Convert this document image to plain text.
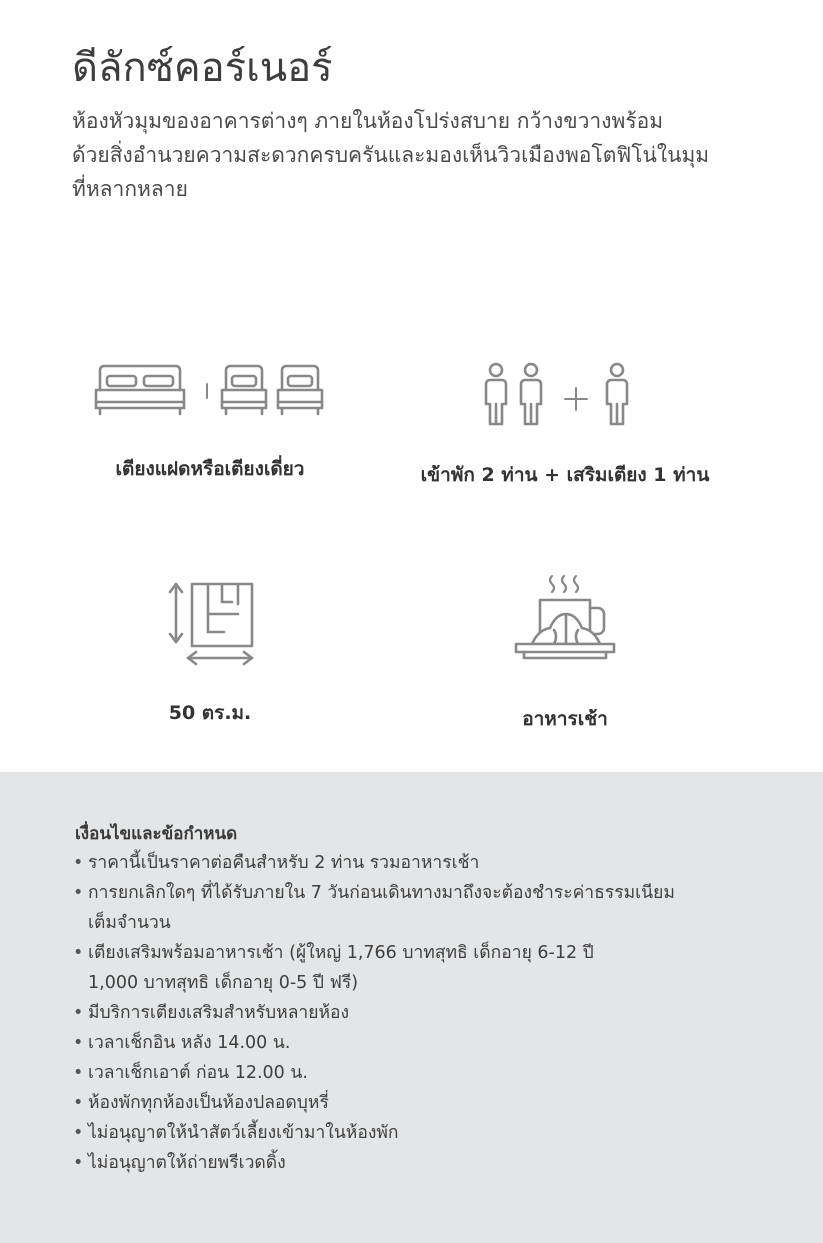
ดีลักซ์คอร์เนอร์
ห้องหัวมุมของอาคารต่างๆ ภายในห้องโปร่งสบาย กว้างขวางพร้อม
ด้วยสิ่งอำนวยความสะดวกครบครันและมองเห็นวิวเมืองพอโตฟิโน่ในมุม
ที่หลากหลาย
เตียงแฝดหรือเตียงเดี่ยว	เข้าพัก 2 ท่าน + เสริมเตียง 1 ท่าน
50 ตร.ม.	อาหารเช้า
เงื่อนไขและข้อกำหนด
• ราคานี้เป็นราคาต่อคืนสำหรับ 2 ท่าน รวมอาหารเช้า
• การยกเลิกใดๆ ที่ได้รับภายใน 7 วันก่อนเดินทางมาถึงจะต้องชำระค่าธรรมเนียม
เต็มจำนวน
• เตียงเสริมพร้อมอาหารเช้า (ผู้ใหญ่ 1,766 บาทสุทธิ เด็กอายุ 6-12 ปี
1,000 บาทสุทธิ เด็กอายุ 0-5 ปี ฟรี)
• มีบริการเตียงเสริมสำหรับหลายห้อง
• เวลาเช็กอิน หลัง 14.00 น.
• เวลาเช็กเอาต์ ก่อน 12.00 น.
• ห้องพักทุกห้องเป็นห้องปลอดบุหรี่
• ไม่อนุญาตให้นำสัตว์เลี้ยงเข้ามาในห้องพัก
• ไม่อนุญาตให้ถ่ายพรีเวดดิ้ง
